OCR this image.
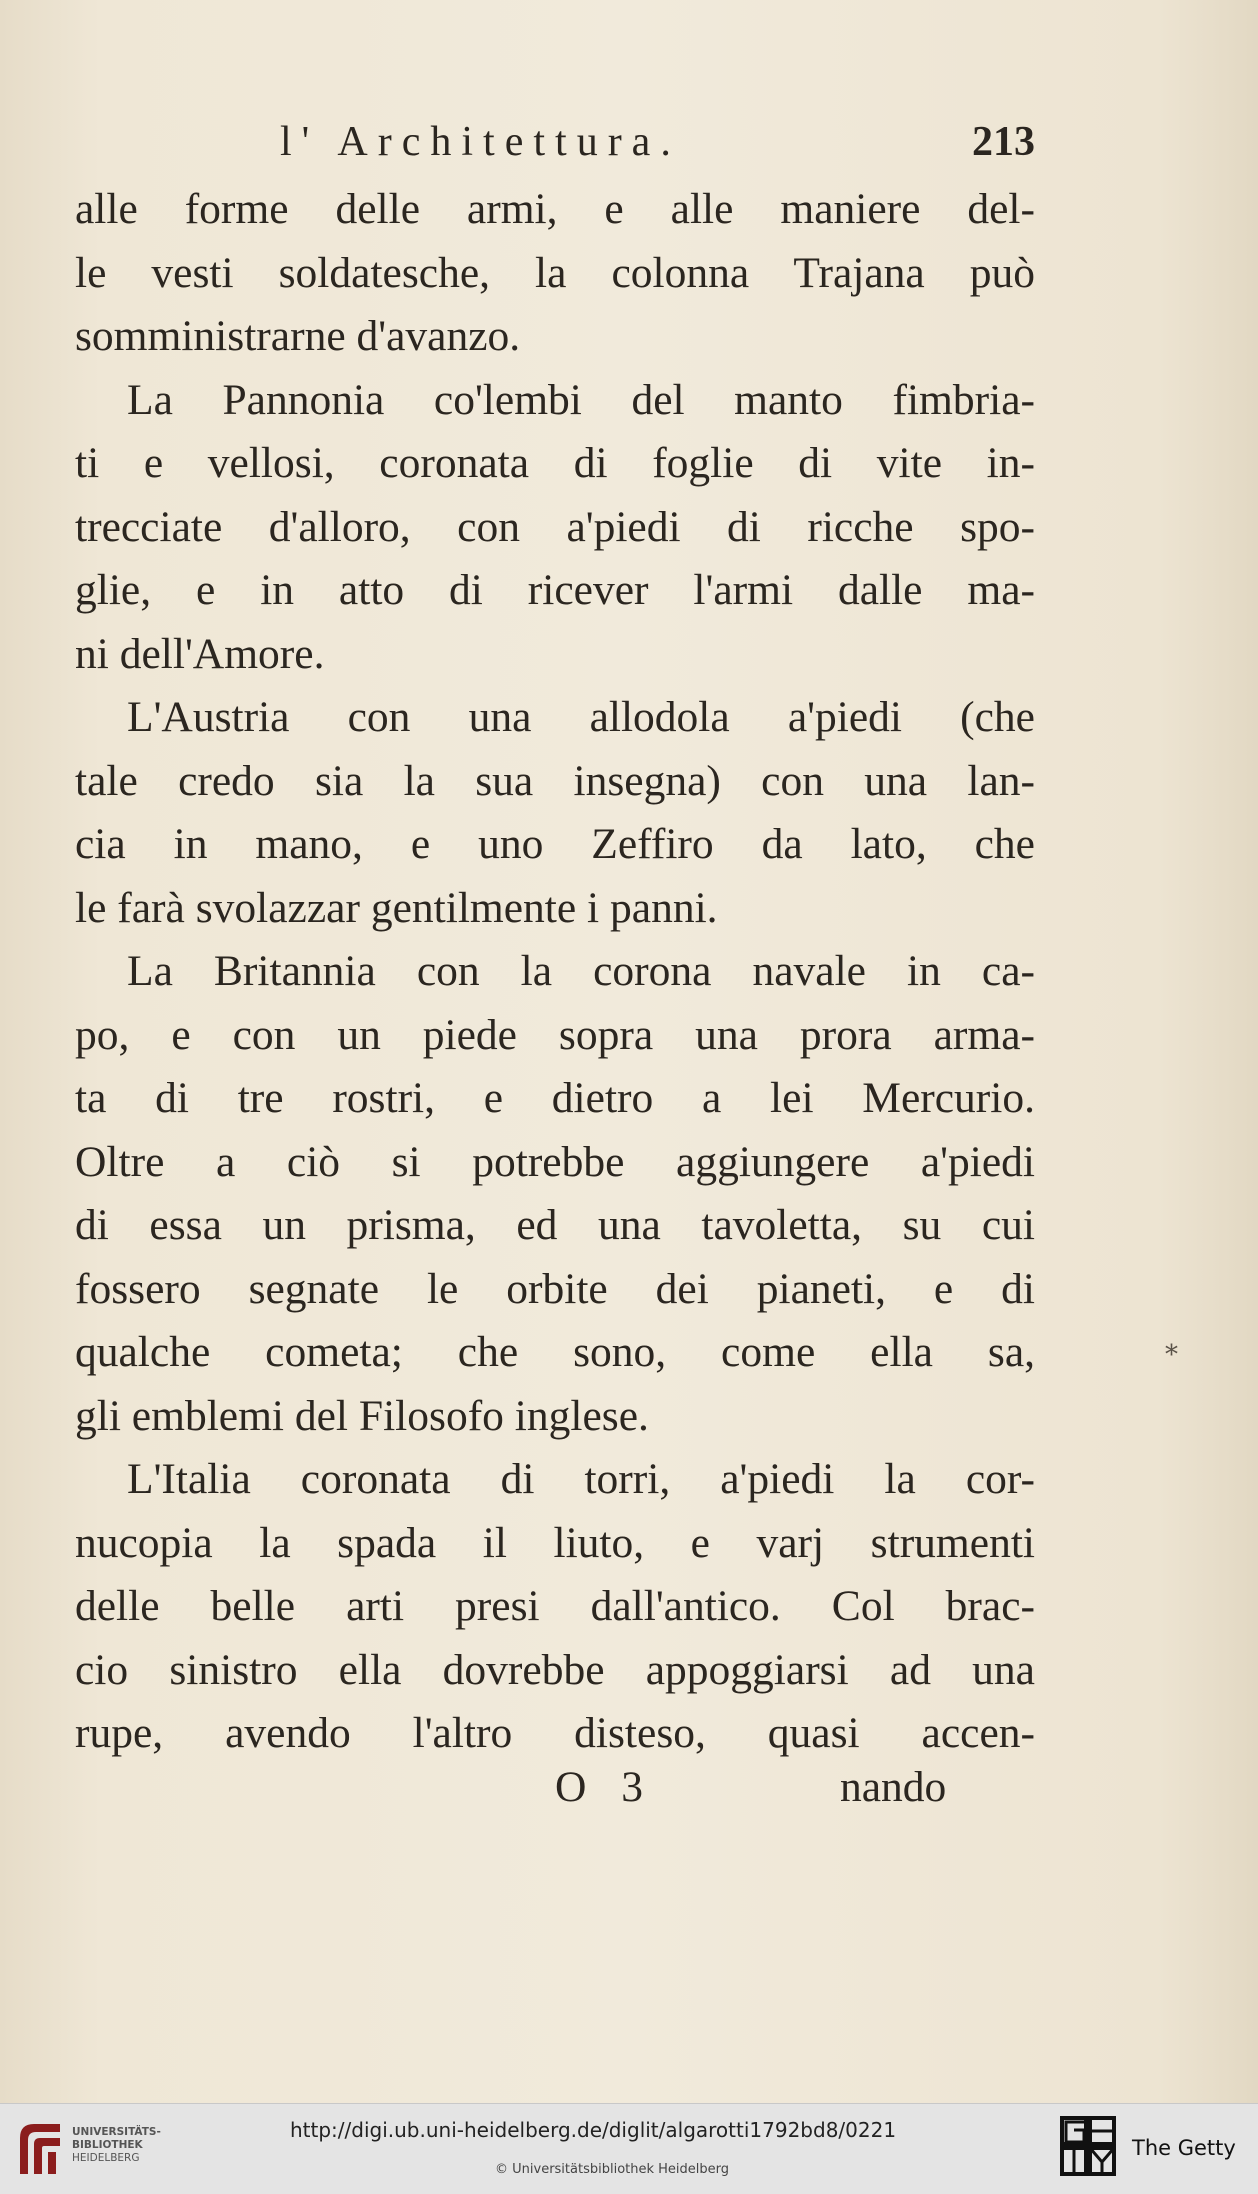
l' Architettura.	213
alle forme delle armi, e alle maniere del-
le vesti soldatesche, la colonna Trajana può
somministrarne d'avanzo.
La Pannonia co'lembi del manto fimbria-
ti e vellosi, coronata di foglie di vite in-
trecciate d'alloro, con a'piedi di ricche spo-
glie, e in atto di ricever l'armi dalle ma-
ni dell'Amore.
L'Austria con una allodola a'piedi (che
tale credo sia la sua insegna) con una lan-
cia in mano, e uno Zeffiro da lato, che
le farà svolazzar gentilmente i panni.
La Britannia con la corona navale in ca-
po, e con un piede sopra una prora arma-
ta di tre rostri, e dietro a lei Mercurio.
Oltre a ciò si potrebbe aggiungere a'piedi
di essa un prisma, ed una tavoletta, su cui
fossero segnate le orbite dei pianeti, e di
qualche cometa; che sono, come ella sa,
gli emblemi del Filosofo inglese.
L'Italia coronata di torri, a'piedi la cor-
nucopia la spada il liuto, e varj strumenti
delle belle arti presi dall'antico. Col brac-
cio sinistro ella dovrebbe appoggiarsi ad una
rupe, avendo l'altro disteso, quasi accen-
O 3	nando
*
UNIVERSITÄTS-
BIBLIOTHEK
HEIDELBERG
http://digi.ub.uni-heidelberg.de/diglit/algarotti1792bd8/0221
© Universitätsbibliothek Heidelberg
The Getty
